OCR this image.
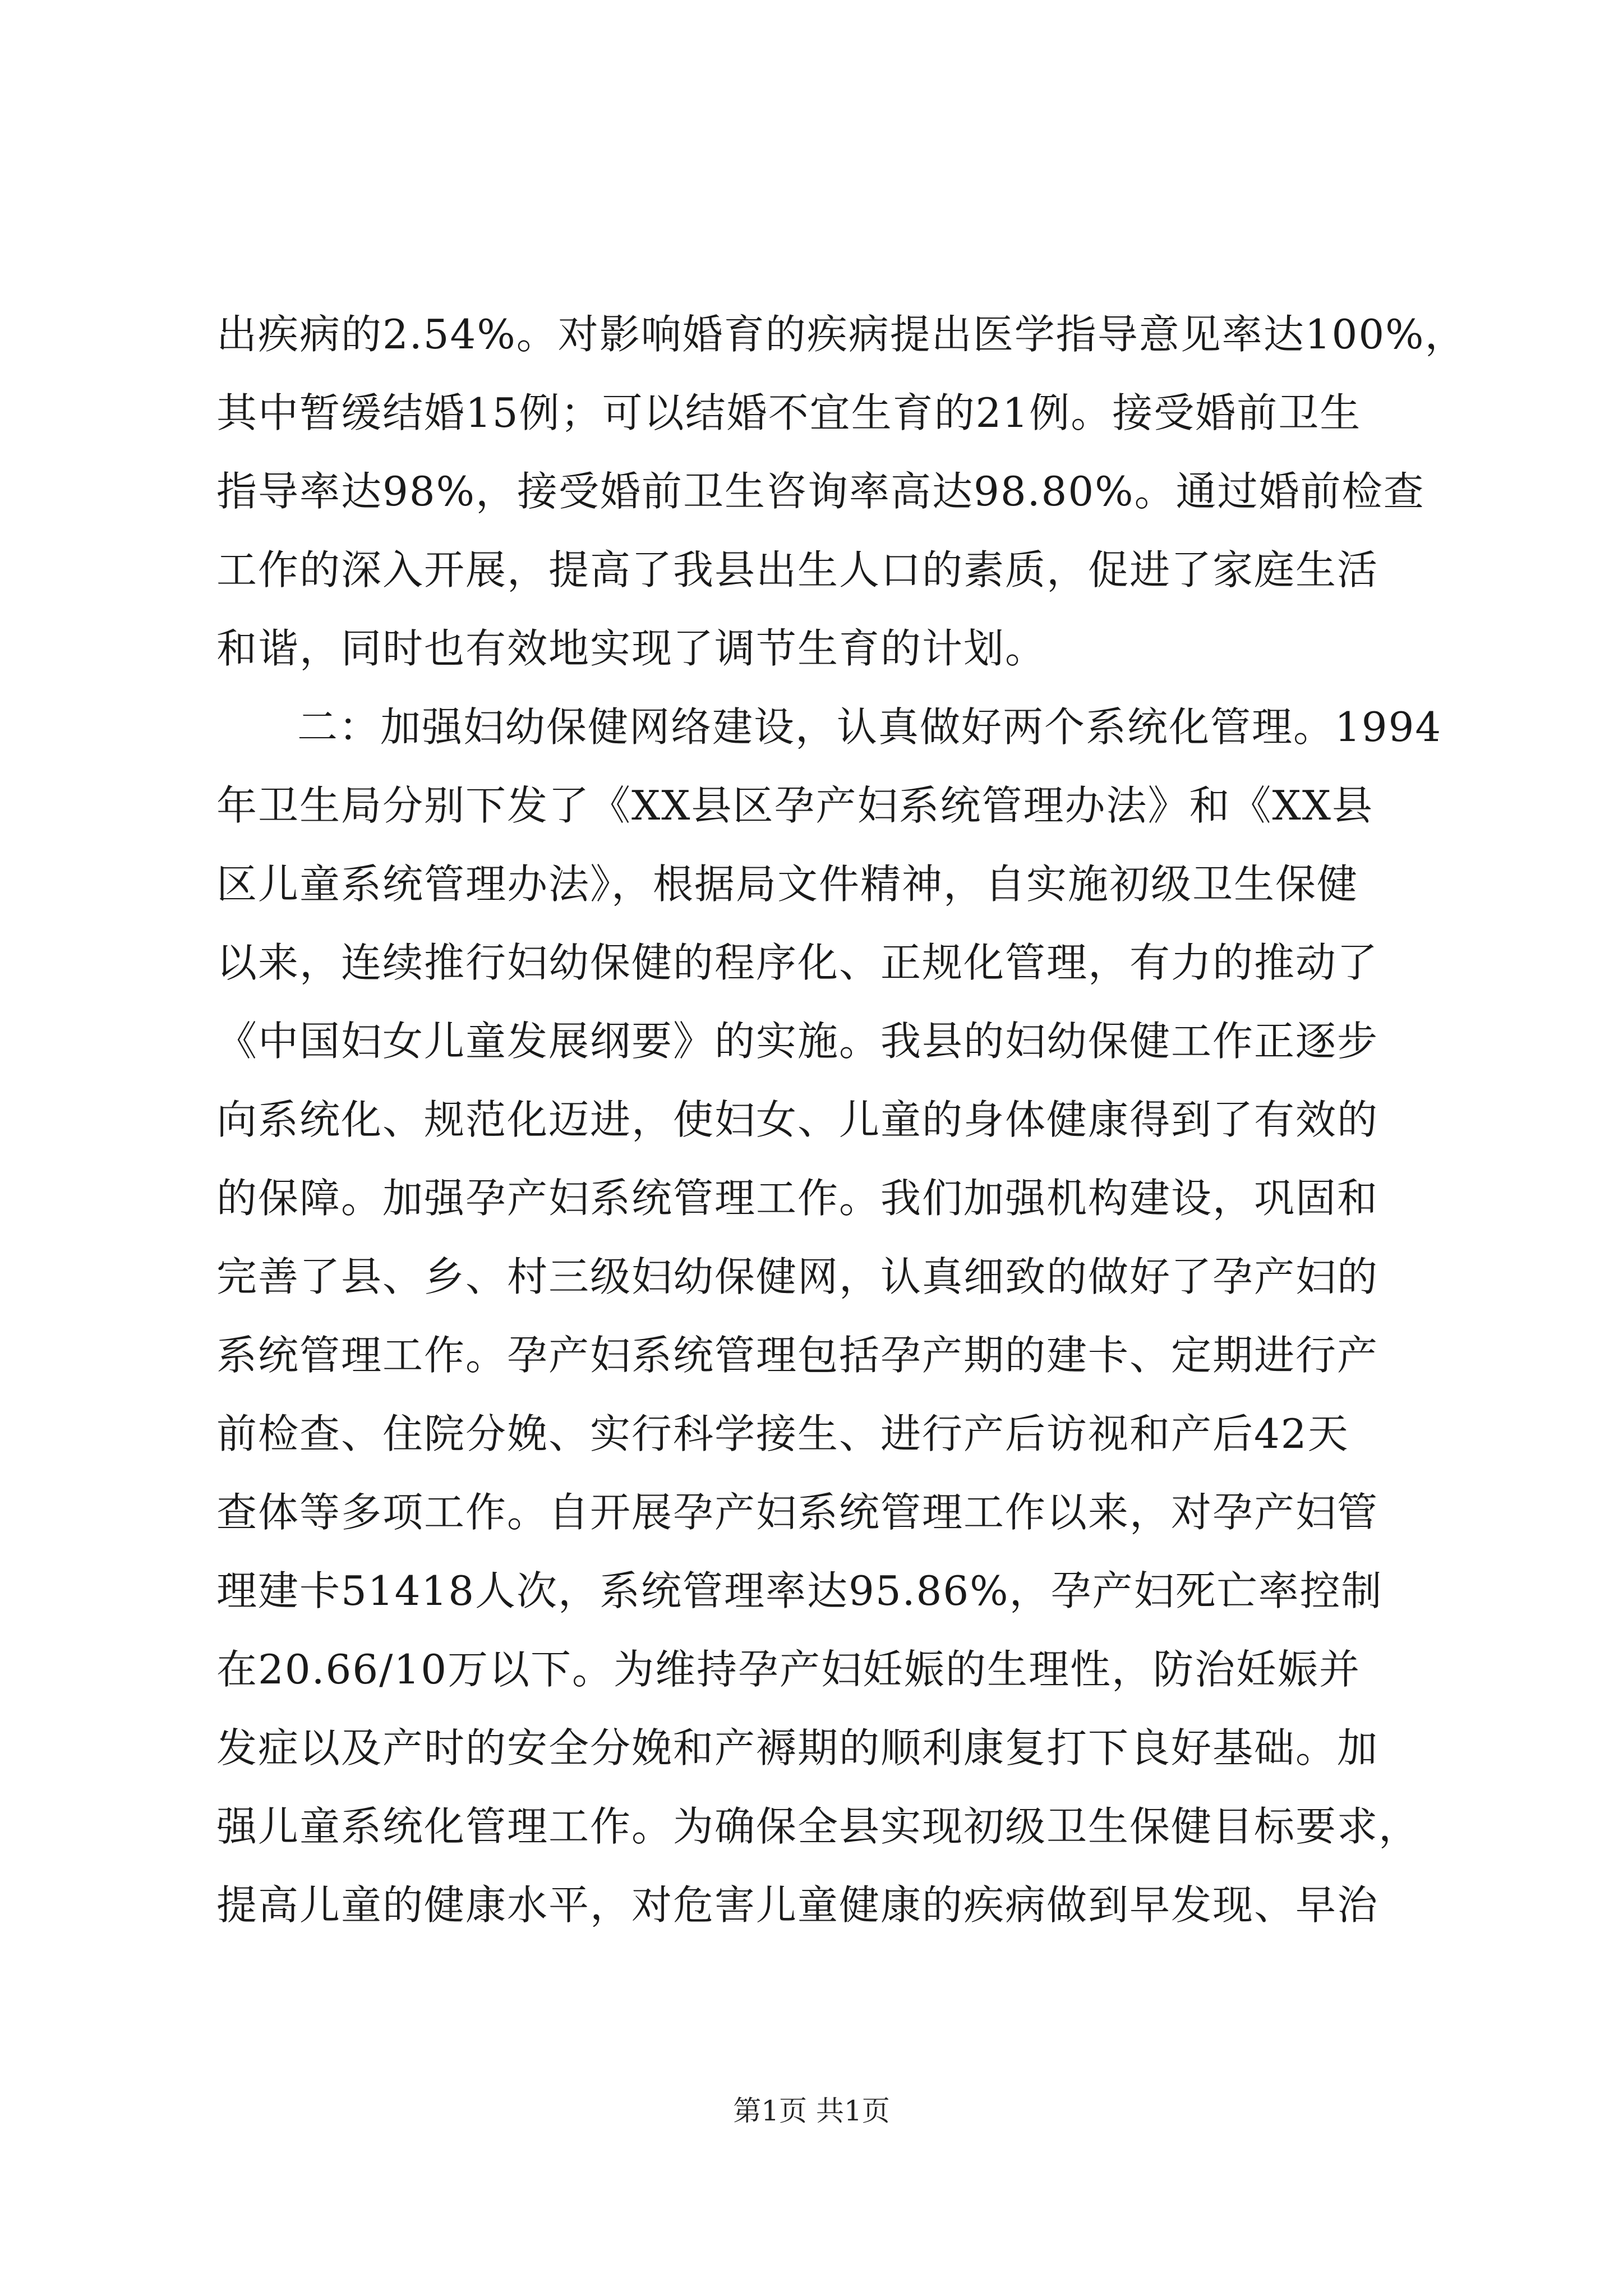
出疾病的2.54%。对影响婚育的疾病提出医学指导意见率达100%，
其中暂缓结婚15例；可以结婚不宜生育的21例。接受婚前卫生
指导率达98%，接受婚前卫生咨询率高达98.80%。通过婚前检查
工作的深入开展，提高了我县出生人口的素质，促进了家庭生活
和谐，同时也有效地实现了调节生育的计划。
二：加强妇幼保健网络建设，认真做好两个系统化管理。1994
年卫生局分别下发了《XX县区孕产妇系统管理办法》和《XX县
区儿童系统管理办法》，根据局文件精神，自实施初级卫生保健
以来，连续推行妇幼保健的程序化、正规化管理，有力的推动了
《中国妇女儿童发展纲要》的实施。我县的妇幼保健工作正逐步
向系统化、规范化迈进，使妇女、儿童的身体健康得到了有效的
的保障。加强孕产妇系统管理工作。我们加强机构建设，巩固和
完善了县、乡、村三级妇幼保健网，认真细致的做好了孕产妇的
系统管理工作。孕产妇系统管理包括孕产期的建卡、定期进行产
前检查、住院分娩、实行科学接生、进行产后访视和产后42天
查体等多项工作。自开展孕产妇系统管理工作以来，对孕产妇管
理建卡51418人次，系统管理率达95.86%，孕产妇死亡率控制
在20.66/10万以下。为维持孕产妇妊娠的生理性，防治妊娠并
发症以及产时的安全分娩和产褥期的顺利康复打下良好基础。加
强儿童系统化管理工作。为确保全县实现初级卫生保健目标要求，
提高儿童的健康水平，对危害儿童健康的疾病做到早发现、早治
第1页 共1页
